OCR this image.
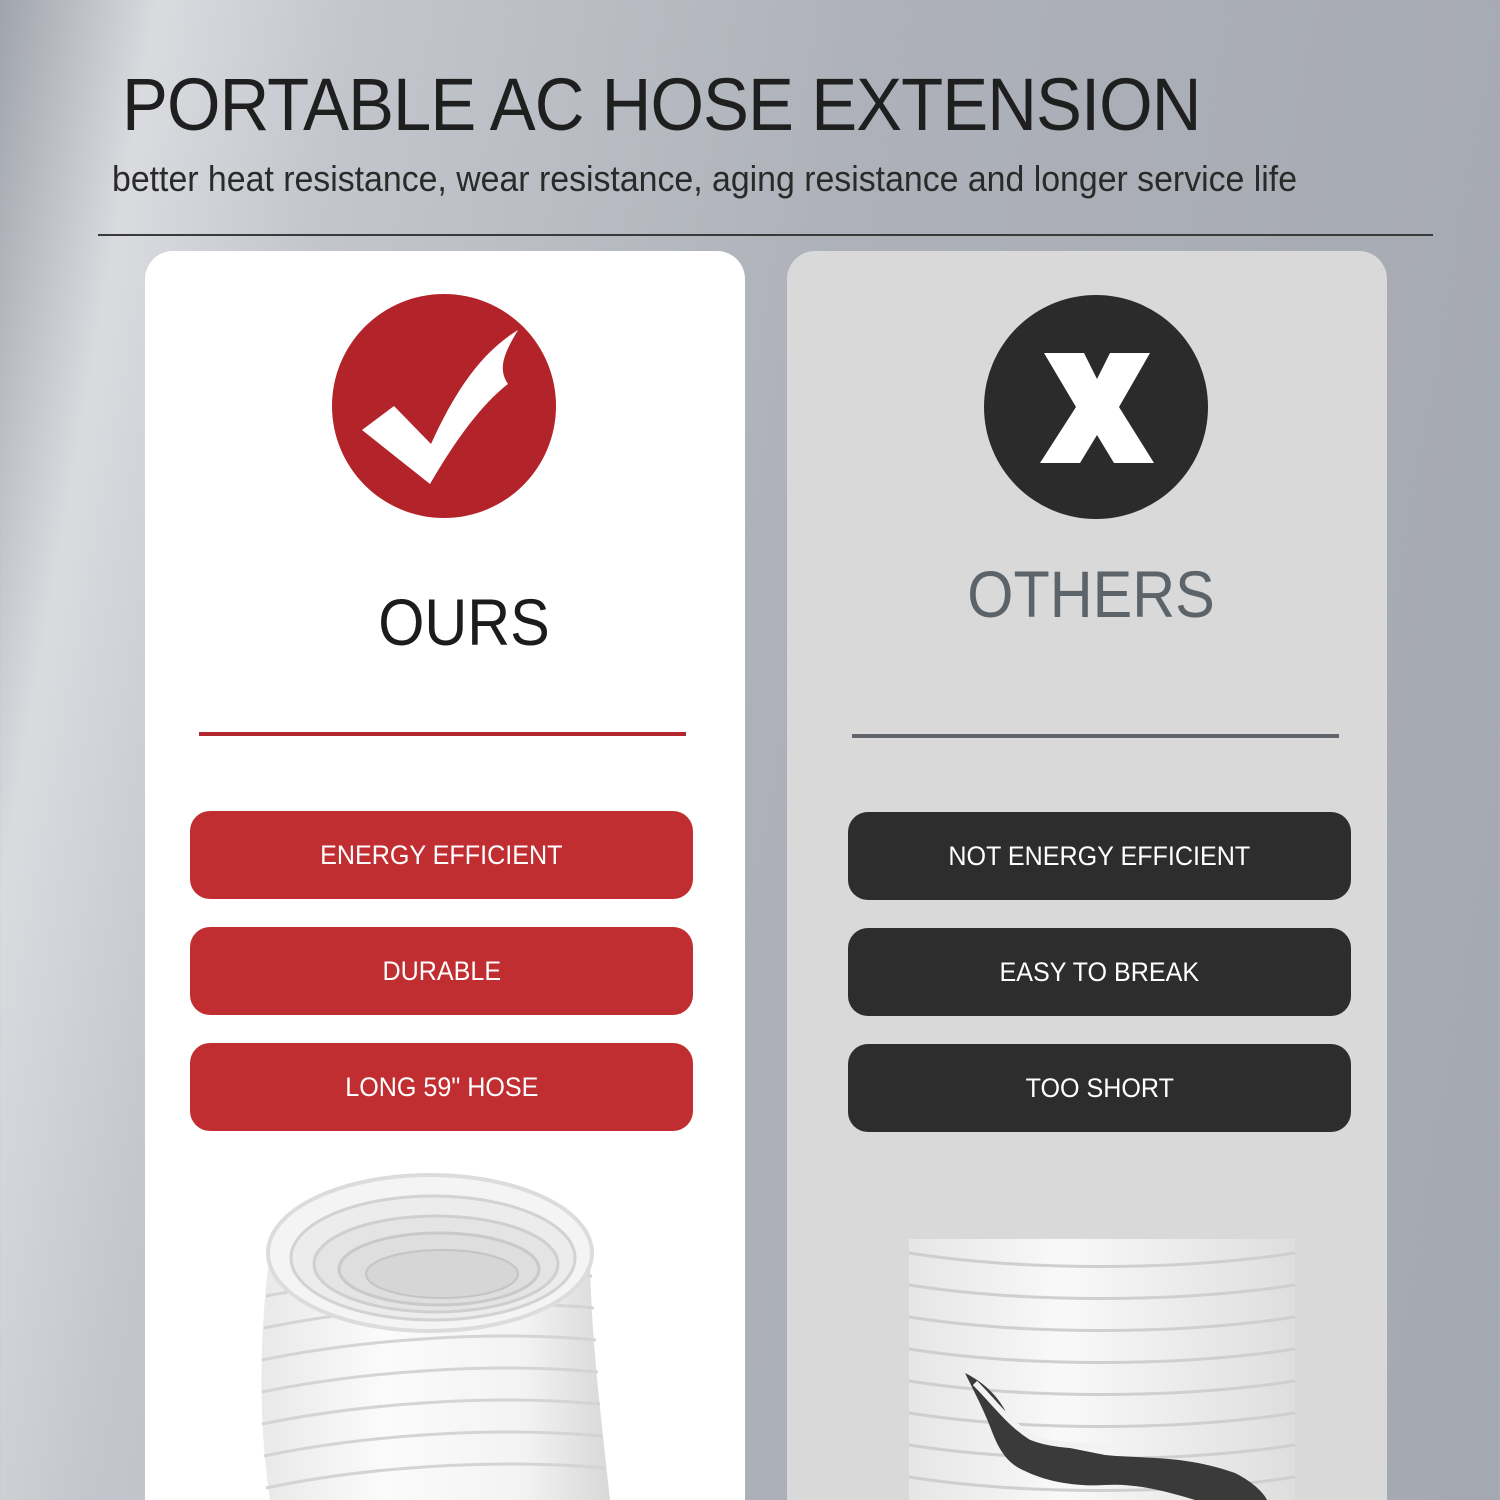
PORTABLE AC HOSE EXTENSION
better heat resistance, wear resistance, aging resistance and longer service life
OURS
ENERGY EFFICIENT
DURABLE
LONG 59" HOSE
OTHERS
NOT ENERGY EFFICIENT
EASY TO BREAK
TOO SHORT
